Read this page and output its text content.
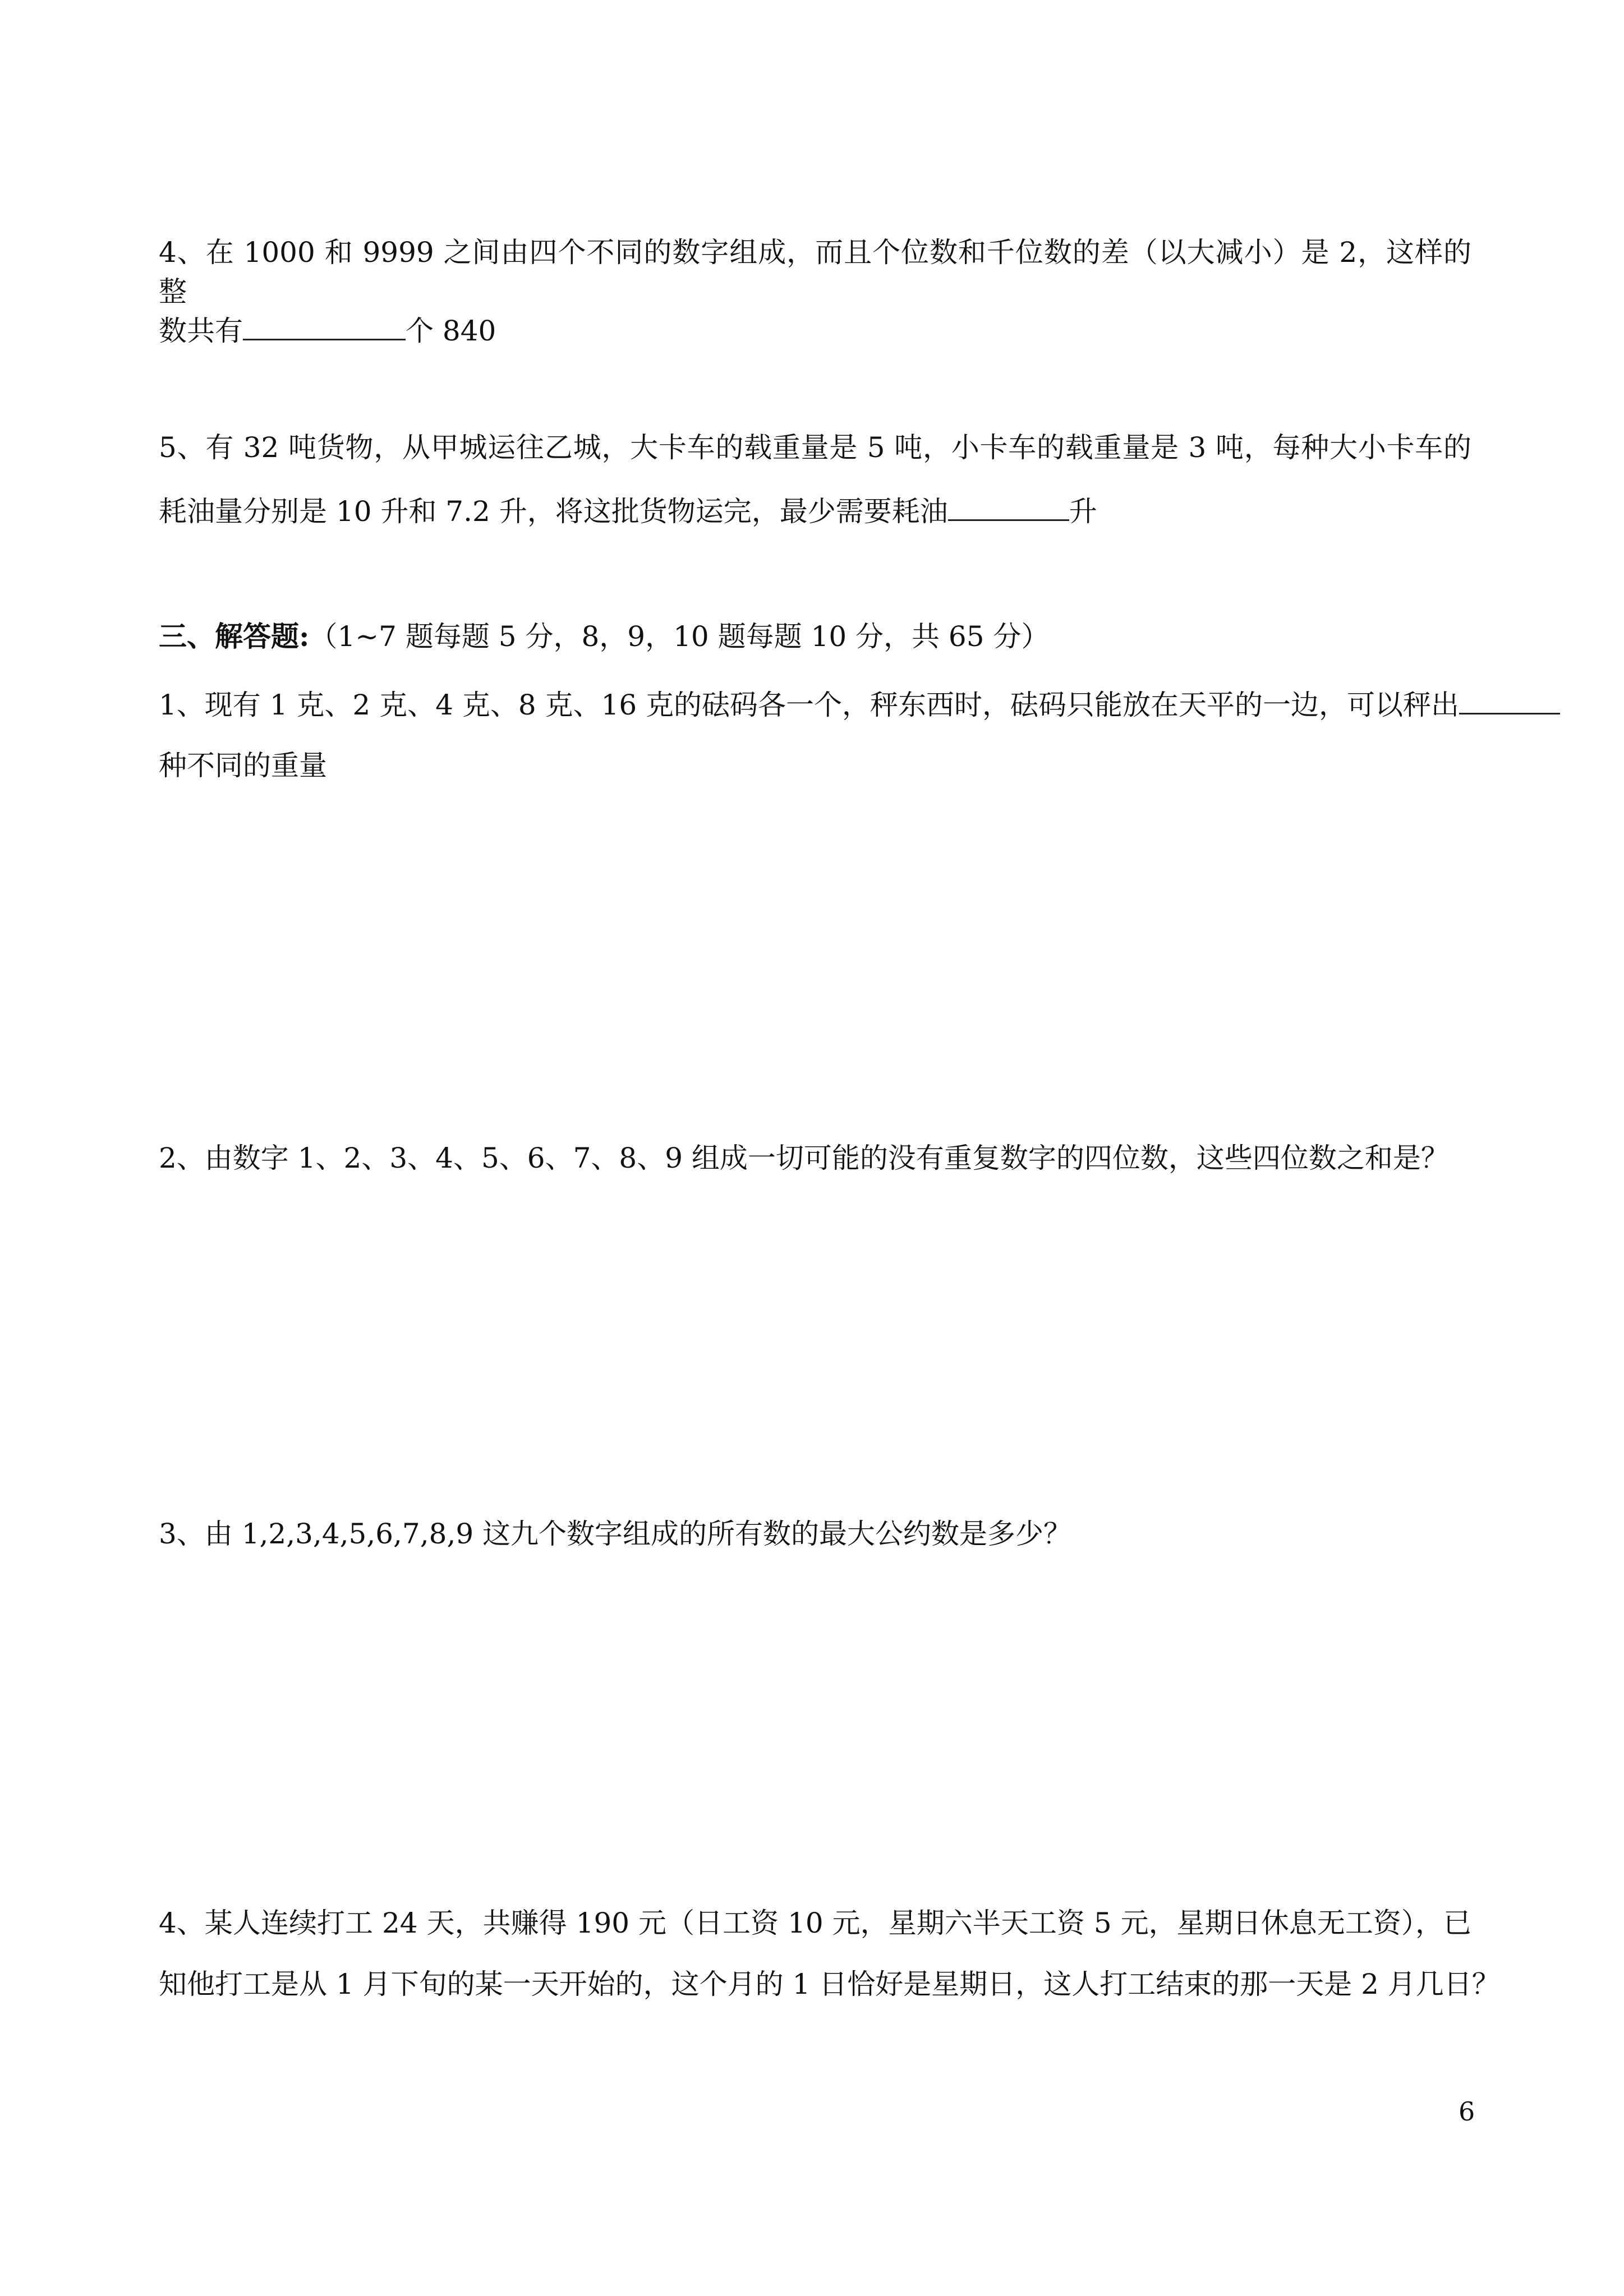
4、在 1000 和 9999 之间由四个不同的数字组成，而且个位数和千位数的差（以大减小）是 2，这样的整
数共有	个 840
5、有 32 吨货物，从甲城运往乙城，大卡车的载重量是 5 吨，小卡车的载重量是 3 吨，每种大小卡车的
耗油量分别是 10 升和 7.2 升，将这批货物运完，最少需要耗油	升
三、解答题:（1~7 题每题 5 分，8，9，10 题每题 10 分，共 65 分）
1、现有 1 克、2 克、4 克、8 克、16 克的砝码各一个，秤东西时，砝码只能放在天平的一边，可以秤出
种不同的重量
2、由数字 1、2、3、4、5、6、7、8、9 组成一切可能的没有重复数字的四位数，这些四位数之和是？
3、由 1,2,3,4,5,6,7,8,9 这九个数字组成的所有数的最大公约数是多少？
4、某人连续打工 24 天，共赚得 190 元（日工资 10 元，星期六半天工资 5 元，星期日休息无工资），已
知他打工是从 1 月下旬的某一天开始的，这个月的 1 日恰好是星期日，这人打工结束的那一天是 2 月几日？
6
